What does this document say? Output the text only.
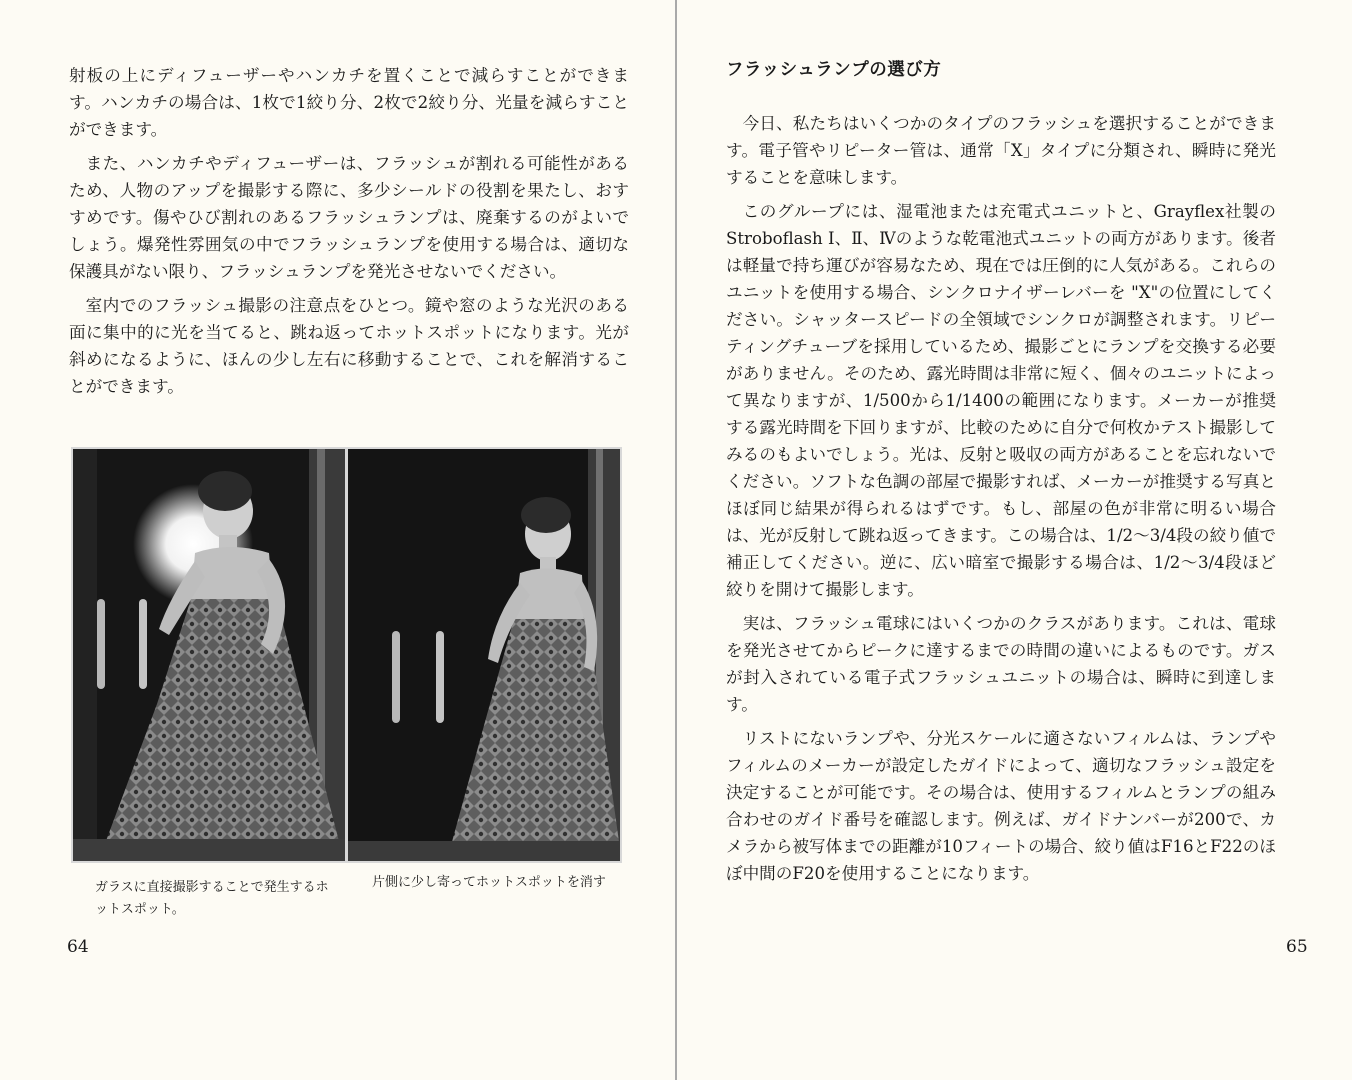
射板の上にディフューザーやハンカチを置くことで減らすことができます。ハンカチの場合は、1枚で1絞り分、2枚で2絞り分、光量を減らすことができます。

また、ハンカチやディフューザーは、フラッシュが割れる可能性があるため、人物のアップを撮影する際に、多少シールドの役割を果たし、おすすめです。傷やひび割れのあるフラッシュランプは、廃棄するのがよいでしょう。爆発性雰囲気の中でフラッシュランプを使用する場合は、適切な保護具がない限り、フラッシュランプを発光させないでください。

室内でのフラッシュ撮影の注意点をひとつ。鏡や窓のような光沢のある面に集中的に光を当てると、跳ね返ってホットスポットになります。光が斜めになるように、ほんの少し左右に移動することで、これを解消することができます。

ガラスに直接撮影することで発生するホットスポット。
片側に少し寄ってホットスポットを消す
64
フラッシュランプの選び方

今日、私たちはいくつかのタイプのフラッシュを選択することができます。電子管やリピーター管は、通常「X」タイプに分類され、瞬時に発光することを意味します。

このグループには、湿電池または充電式ユニットと、Grayflex社製のStroboflash Ⅰ、Ⅱ、Ⅳのような乾電池式ユニットの両方があります。後者は軽量で持ち運びが容易なため、現在では圧倒的に人気がある。これらのユニットを使用する場合、シンクロナイザーレバーを "X"の位置にしてください。シャッタースピードの全領域でシンクロが調整されます。リピーティングチューブを採用しているため、撮影ごとにランプを交換する必要がありません。そのため、露光時間は非常に短く、個々のユニットによって異なりますが、1/500から1/1400の範囲になります。メーカーが推奨する露光時間を下回りますが、比較のために自分で何枚かテスト撮影してみるのもよいでしょう。光は、反射と吸収の両方があることを忘れないでください。ソフトな色調の部屋で撮影すれば、メーカーが推奨する写真とほぼ同じ結果が得られるはずです。もし、部屋の色が非常に明るい場合は、光が反射して跳ね返ってきます。この場合は、1/2〜3/4段の絞り値で補正してください。逆に、広い暗室で撮影する場合は、1/2〜3/4段ほど絞りを開けて撮影します。

実は、フラッシュ電球にはいくつかのクラスがあります。これは、電球を発光させてからピークに達するまでの時間の違いによるものです。ガスが封入されている電子式フラッシュユニットの場合は、瞬時に到達します。

リストにないランプや、分光スケールに適さないフィルムは、ランプやフィルムのメーカーが設定したガイドによって、適切なフラッシュ設定を決定することが可能です。その場合は、使用するフィルムとランプの組み合わせのガイド番号を確認します。例えば、ガイドナンバーが200で、カメラから被写体までの距離が10フィートの場合、絞り値はF16とF22のほぼ中間のF20を使用することになります。

65
